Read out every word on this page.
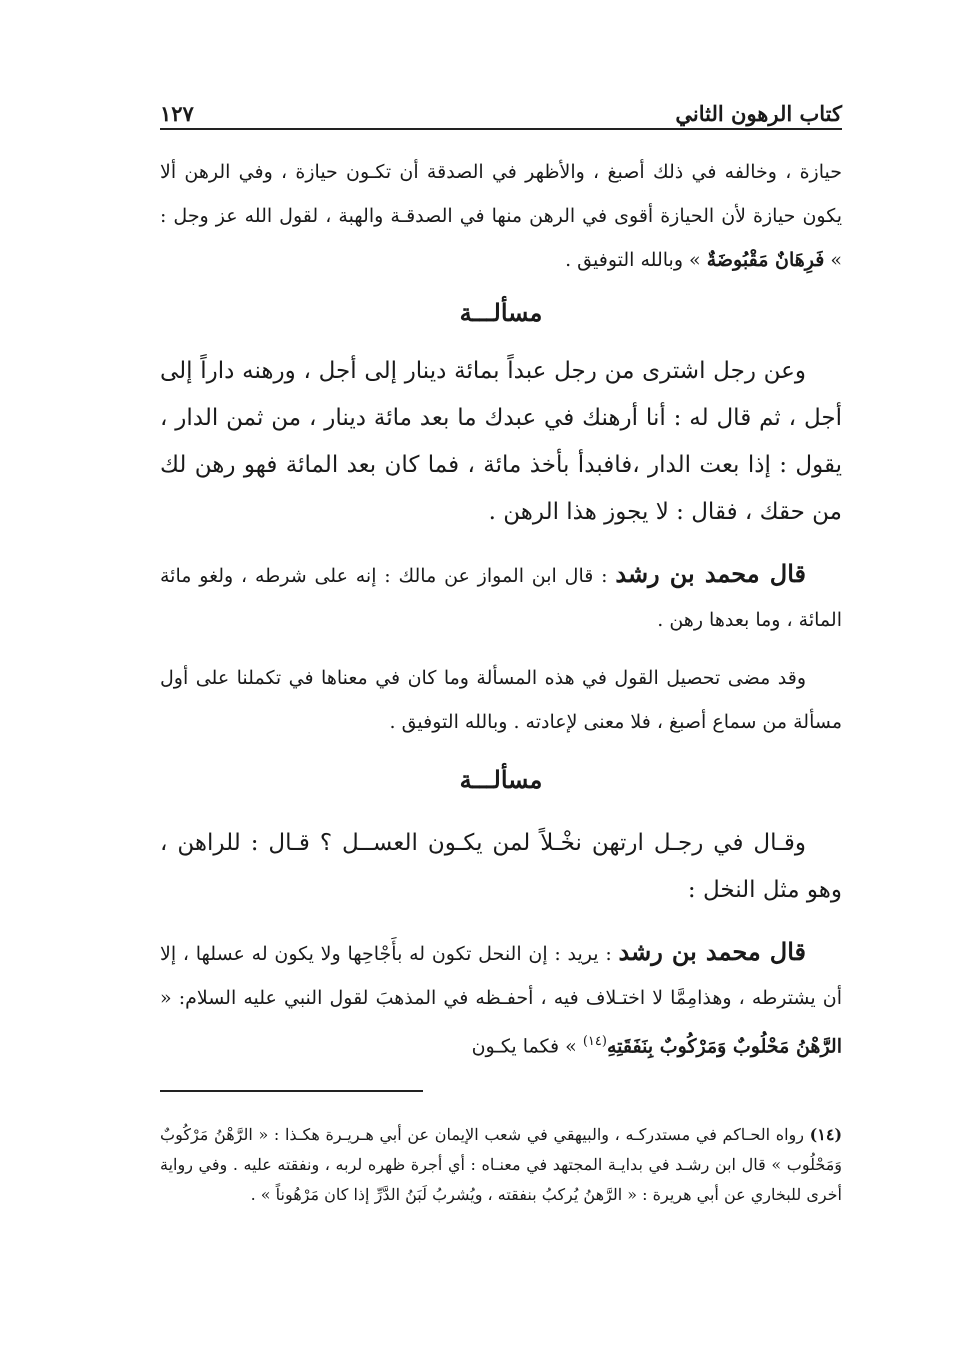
كتاب الرهون الثاني
١٢٧

حيازة ، وخالفه في ذلك أصبغ ، والأظهر في الصدقة أن تكـون حيازة ، وفي الرهن ألا يكون حيازة لأن الحيازة أقوى في الرهن منها في الصدقـة والهبة ، لقول الله عز وجل : » فَرِهَانٌ مَقْبُوضَةٌ » وبالله التوفيق .

مسألـــة

وعن رجل اشترى من رجل عبداً بمائة دينار إلى أجل ، ورهنه داراً إلى أجل ، ثم قال له : أنا أرهنك في عبدك ما بعد مائة دينار ، من ثمن الدار ، يقول : إذا بعت الدار ،فافبدأ بأخذ مائة ، فما كان بعد المائة فهو رهن لك من حقك ، فقال : لا يجوز هذا الرهن .

قال محمد بن رشد : قال ابن المواز عن مالك : إنه على شرطه ، ولغو مائة المائة ، وما بعدها رهن .

وقد مضى تحصيل القول في هذه المسألة وما كان في معناها في تكملنا على أول مسألة من سماع أصبغ ، فلا معنى لإعادته . وبالله التوفيق .

مسألـــة

وقـال في رجـل ارتهن نخْـلاً لمن يكـون العســل ؟ قـال : للراهن ، وهو مثل النخل :

قال محمد بن رشد : يريد : إن النحل تكون له بأَجْاحِها ولا يكون له عسلها ، إلا أن يشترطه ، وهذامِمَّا لا اختـلاف فيه ، أحفـظه في المذهبَ لقول النبي عليه السلام: « الرَّهْنُ مَحْلُوبٌ وَمَرْكُوبٌ بِنَفَقَتِهِ$^{(١٤)}$ » فكما يكـون

(١٤) رواه الحـاكم في مستدركـه ، والبيهقي في شعب الإيمان عن أبي هـريـرة هكـذا : « الرَّهْنُ مَرْكُوبٌ وَمَحْلُوب » قال ابن رشـد في بدايـة المجتهد في معنـاه : أي أجرة ظهره لربه ، ونفقته عليه . وفي رواية أخرى للبخاري عن أبي هريرة : « الرَّهنُ يُركبُ بنفقته ، ويُشربُ لَبَنُ الدَّرِّ إذا كان مَرْهُوناً » .
